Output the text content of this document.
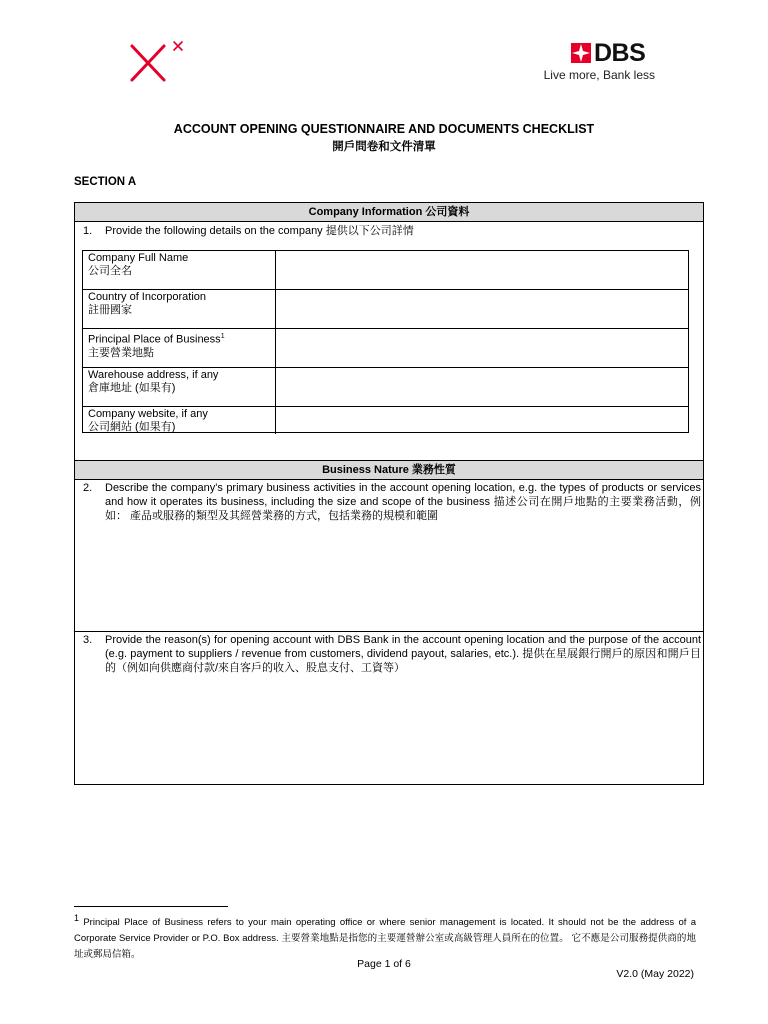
DBS
Live more, Bank less
ACCOUNT OPENING QUESTIONNAIRE AND DOCUMENTS CHECKLIST
開戶問卷和文件清單
SECTION A
Company Information 公司資料
1. Provide the following details on the company 提供以下公司詳情
Company Full Name
公司全名
Country of Incorporation
註冊國家
Principal Place of Business$^1$
主要營業地點
Warehouse address, if any
倉庫地址 (如果有)
Company website, if any
公司網站 (如果有)
Business Nature 業務性質
2. Describe the company's primary business activities in the account opening location, e.g. the types of products or services and how it operates its business, including the size and scope of the business 描述公司在開戶地點的主要業務活動，例如： 產品或服務的類型及其經營業務的方式，包括業務的規模和範圍
3. Provide the reason(s) for opening account with DBS Bank in the account opening location and the purpose of the account (e.g. payment to suppliers / revenue from customers, dividend payout, salaries, etc.). 提供在星展銀行開戶的原因和開戶目的（例如向供應商付款/來自客戶的收入、股息支付、工資等）
$^1$ Principal Place of Business refers to your main operating office or where senior management is located. It should not be the address of a Corporate Service Provider or P.O. Box address. 主要營業地點是指您的主要運營辦公室或高級管理人員所在的位置。 它不應是公司服務提供商的地址或郵局信箱。
Page 1 of 6
V2.0 (May 2022)
